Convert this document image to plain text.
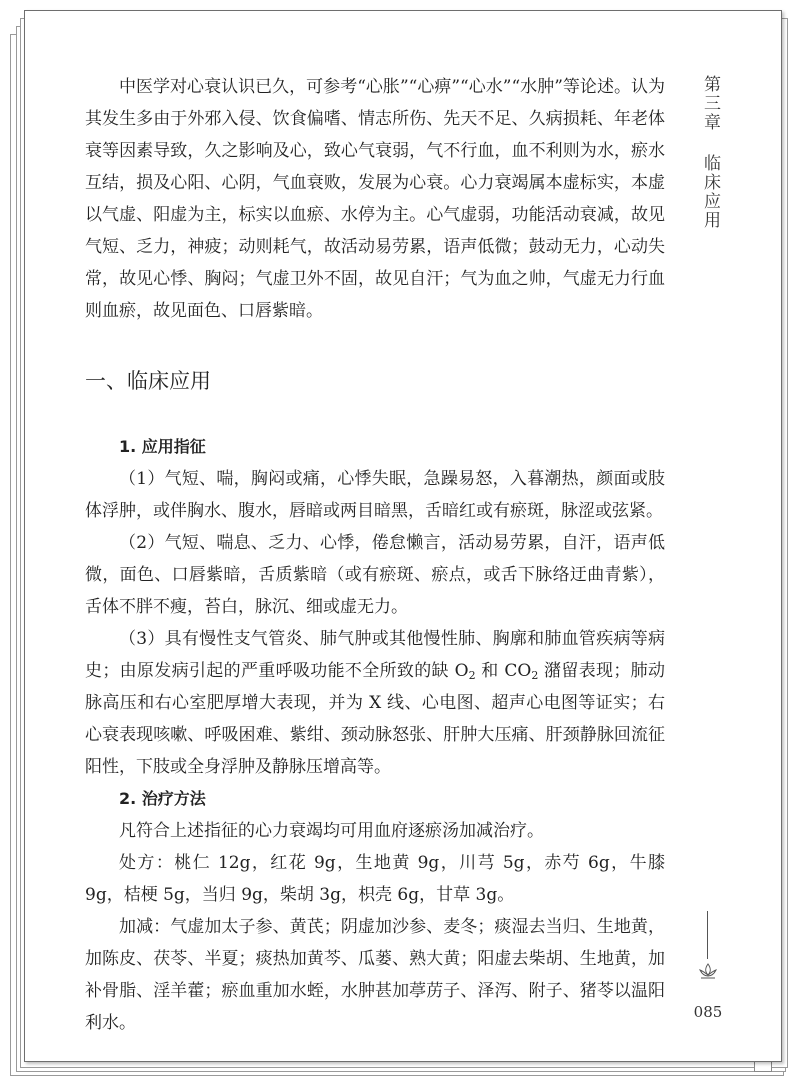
中医学对心衰认识已久，可参考“心胀”“心痹”“心水”“水肿”等论述。认为其发生多由于外邪入侵、饮食偏嗜、情志所伤、先天不足、久病损耗、年老体衰等因素导致，久之影响及心，致心气衰弱，气不行血，血不利则为水，瘀水互结，损及心阳、心阴，气血衰败，发展为心衰。心力衰竭属本虚标实，本虚以气虚、阳虚为主，标实以血瘀、水停为主。心气虚弱，功能活动衰减，故见气短、乏力，神疲；动则耗气，故活动易劳累，语声低微；鼓动无力，心动失常，故见心悸、胸闷；气虚卫外不固，故见自汗；气为血之帅，气虚无力行血则血瘀，故见面色、口唇紫暗。

一、临床应用

1. 应用指征

（1）气短、喘，胸闷或痛，心悸失眠，急躁易怒，入暮潮热，颜面或肢体浮肿，或伴胸水、腹水，唇暗或两目暗黑，舌暗红或有瘀斑，脉涩或弦紧。

（2）气短、喘息、乏力、心悸，倦怠懒言，活动易劳累，自汗，语声低微，面色、口唇紫暗，舌质紫暗（或有瘀斑、瘀点，或舌下脉络迂曲青紫），舌体不胖不瘦，苔白，脉沉、细或虚无力。

（3）具有慢性支气管炎、肺气肿或其他慢性肺、胸廓和肺血管疾病等病史；由原发病引起的严重呼吸功能不全所致的缺 $O_2$ 和 $CO_2$ 潴留表现；肺动脉高压和右心室肥厚增大表现，并为 X 线、心电图、超声心电图等证实；右心衰表现咳嗽、呼吸困难、紫绀、颈动脉怒张、肝肿大压痛、肝颈静脉回流征阳性，下肢或全身浮肿及静脉压增高等。

2. 治疗方法

凡符合上述指征的心力衰竭均可用血府逐瘀汤加减治疗。

处方：桃仁 12g，红花 9g，生地黄 9g，川芎 5g，赤芍 6g，牛膝 9g，桔梗 5g，当归 9g，柴胡 3g，枳壳 6g，甘草 3g。

加减：气虚加太子参、黄芪；阴虚加沙参、麦冬；痰湿去当归、生地黄，加陈皮、茯苓、半夏；痰热加黄芩、瓜蒌、熟大黄；阳虚去柴胡、生地黄，加补骨脂、淫羊藿；瘀血重加水蛭，水肿甚加葶苈子、泽泻、附子、猪苓以温阳利水。

第三章临床应用
085
